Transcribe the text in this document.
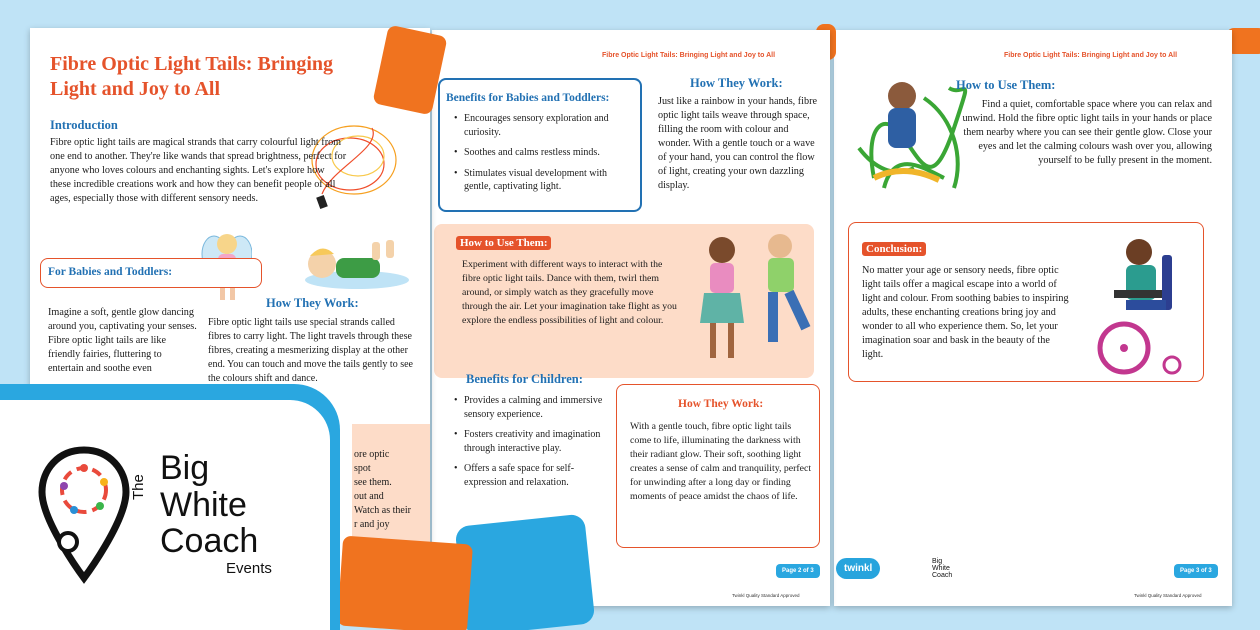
Fibre Optic Light Tails: Bringing Light and Joy to All
How to Use Them:
Find a quiet, comfortable space where you can relax and unwind. Hold the fibre optic light tails in your hands or place them nearby where you can see their gentle glow. Close your eyes and let the calming colours wash over you, allowing yourself to be fully present in the moment.
Conclusion:
No matter your age or sensory needs, fibre optic light tails offer a magical escape into a world of light and colour. From soothing babies to inspiring adults, these enchanting creations bring joy and wonder to all who experience them. So, let your imagination soar and bask in the beauty of the light.
twinkl	Page 3 of 3
Twinkl Quality Standard Approved
Big
White
Coach
Fibre Optic Light Tails: Bringing Light and Joy to All
Benefits for Babies and Toddlers:
• Encourages sensory exploration and curiosity.
• Soothes and calms restless minds.
• Stimulates visual development with gentle, captivating light.
How They Work:
Just like a rainbow in your hands, fibre optic light tails weave through space, filling the room with colour and wonder. With a gentle touch or a wave of your hand, you can control the flow of light, creating your own dazzling display.
How to Use Them:
Experiment with different ways to interact with the fibre optic light tails. Dance with them, twirl them around, or simply watch as they gracefully move through the air. Let your imagination take flight as you explore the endless possibilities of light and colour.
Benefits for Children:
• Provides a calming and immersive sensory experience.
• Fosters creativity and imagination through interactive play.
• Offers a safe space for self-expression and relaxation.
How They Work:
With a gentle touch, fibre optic light tails come to life, illuminating the darkness with their radiant glow. Their soft, soothing light creates a sense of calm and tranquility, perfect for unwinding after a long day or finding moments of peace amidst the chaos of life.

Page 2 of 3
Twinkl Quality Standard Approved
Fibre Optic Light Tails: Bringing Light and Joy to All
Introduction
Fibre optic light tails are magical strands that carry colourful light from one end to another. They're like wands that spread brightness, perfect for anyone who loves colours and enchanting sights. Let's explore how these incredible creations work and how they can benefit people of all ages, especially those with different sensory needs.
For Babies and Toddlers:
Imagine a soft, gentle glow dancing around you, captivating your senses. Fibre optic light tails are like friendly fairies, fluttering to entertain and soothe even
How They Work:
Fibre optic light tails use special strands called fibres to carry light. The light travels through these fibres, creating a mesmerizing display at the other end. You can touch and move the tails gently to see the colours shift and dance.
ore optic
spot
see them.
out and
Watch as their
r and joy
The
Big
White
Coach
Events
